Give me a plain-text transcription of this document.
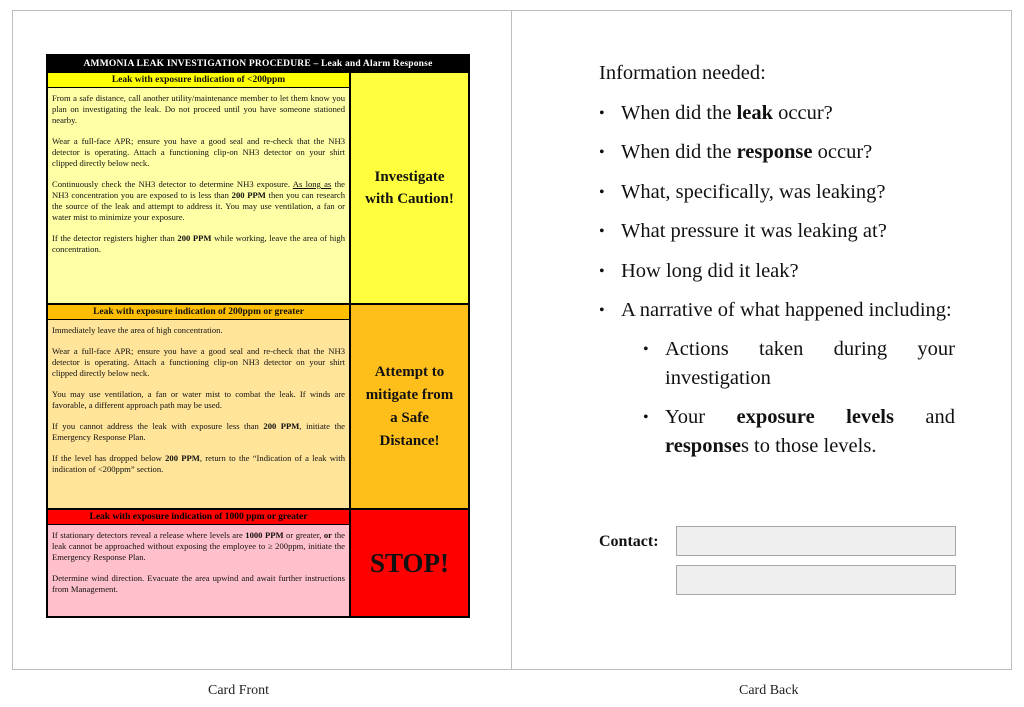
AMMONIA LEAK INVESTIGATION PROCEDURE – Leak and Alarm Response
Leak with exposure indication of <200ppm

From a safe distance, call another utility/maintenance member to let them know you plan on investigating the leak. Do not proceed until you have someone stationed nearby.

Wear a full-face APR; ensure you have a good seal and re-check that the NH3 detector is operating. Attach a functioning clip-on NH3 detector on your shirt clipped directly below neck.

Continuously check the NH3 detector to determine NH3 exposure. As long as the NH3 concentration you are exposed to is less than 200 PPM then you can research the source of the leak and attempt to address it. You may use ventilation, a fan or water mist to minimize your exposure.

If the detector registers higher than 200 PPM while working, leave the area of high concentration.

Investigate with Caution!
Leak with exposure indication of 200ppm or greater

Immediately leave the area of high concentration.

Wear a full-face APR; ensure you have a good seal and re-check that the NH3 detector is operating. Attach a functioning clip-on NH3 detector on your shirt clipped directly below neck.

You may use ventilation, a fan or water mist to combat the leak. If winds are favorable, a different approach path may be used.

If you cannot address the leak with exposure less than 200 PPM, initiate the Emergency Response Plan.

If the level has dropped below 200 PPM, return to the “Indication of a leak with indication of <200ppm” section.

Attempt to mitigate from a Safe Distance!
Leak with exposure indication of 1000 ppm or greater

If stationary detectors reveal a release where levels are 1000 PPM or greater, or the leak cannot be approached without exposing the employee to ≥ 200ppm, initiate the Emergency Response Plan.

Determine wind direction. Evacuate the area upwind and await further instructions from Management.

STOP!
Information needed:
• When did the leak occur?
• When did the response occur?
• What, specifically, was leaking?
• What pressure it was leaking at?
• How long did it leak?
• A narrative of what happened including:
• Actions taken during your investigation
• Your exposure levels and responses to those levels.
Contact:
Card Front	Card Back
